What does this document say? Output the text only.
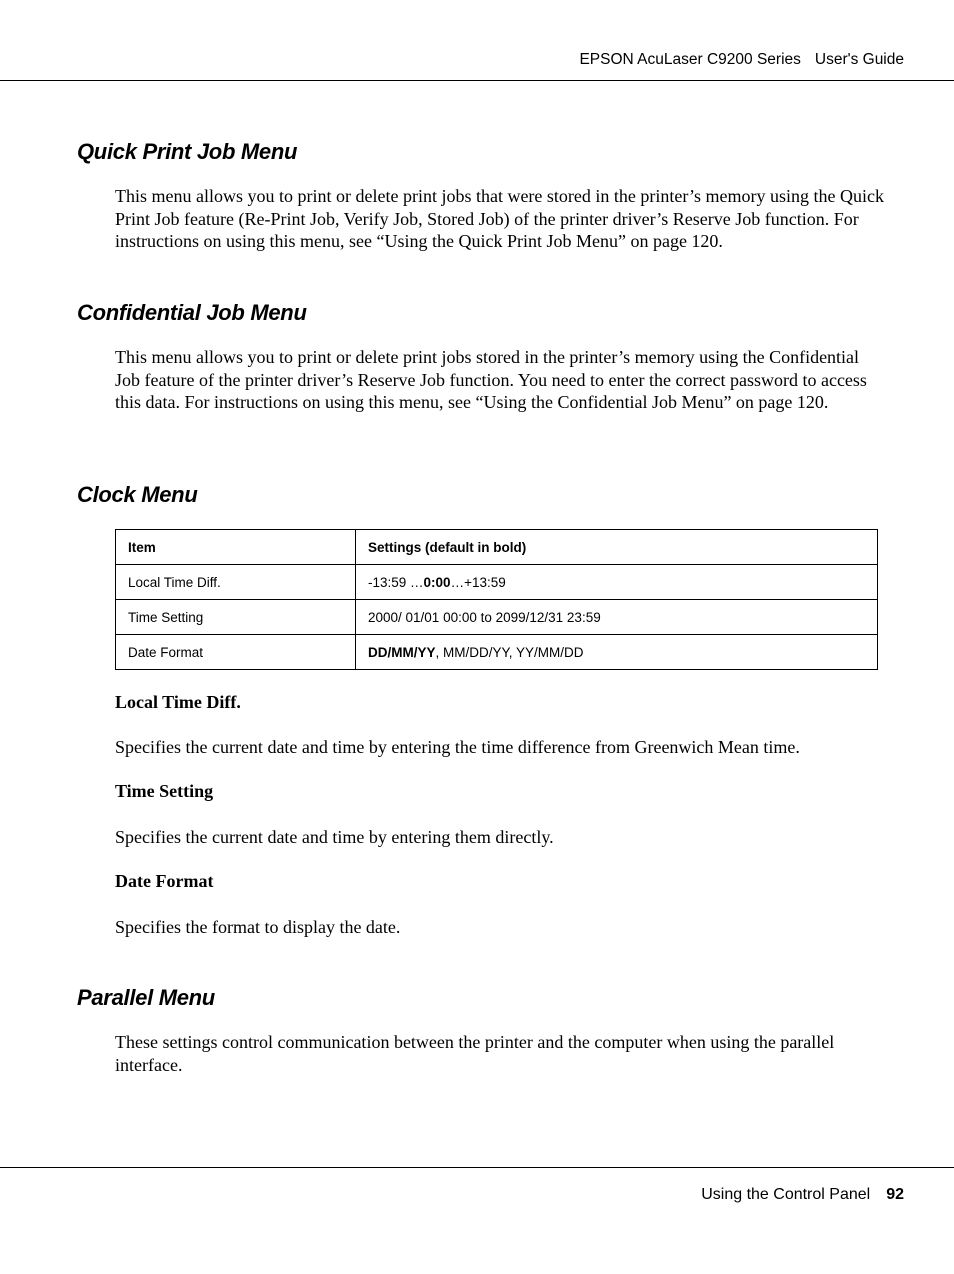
EPSON AcuLaser C9200 Series User's Guide
Quick Print Job Menu

This menu allows you to print or delete print jobs that were stored in the printer’s memory using the Quick Print Job feature (Re-Print Job, Verify Job, Stored Job) of the printer driver’s Reserve Job function. For instructions on using this menu, see “Using the Quick Print Job Menu” on page 120.

Confidential Job Menu

This menu allows you to print or delete print jobs stored in the printer’s memory using the Confidential Job feature of the printer driver’s Reserve Job function. You need to enter the correct password to access this data. For instructions on using this menu, see “Using the Confidential Job Menu” on page 120.

Clock Menu
Item	Settings (default in bold)
Local Time Diff.	-13:59 …0:00…+13:59
Time Setting	2000/ 01/01 00:00 to 2099/12/31 23:59
Date Format	DD/MM/YY, MM/DD/YY, YY/MM/DD

Local Time Diff.

Specifies the current date and time by entering the time difference from Greenwich Mean time.

Time Setting

Specifies the current date and time by entering them directly.

Date Format

Specifies the format to display the date.

Parallel Menu

These settings control communication between the printer and the computer when using the parallel interface.

Using the Control Panel 92
